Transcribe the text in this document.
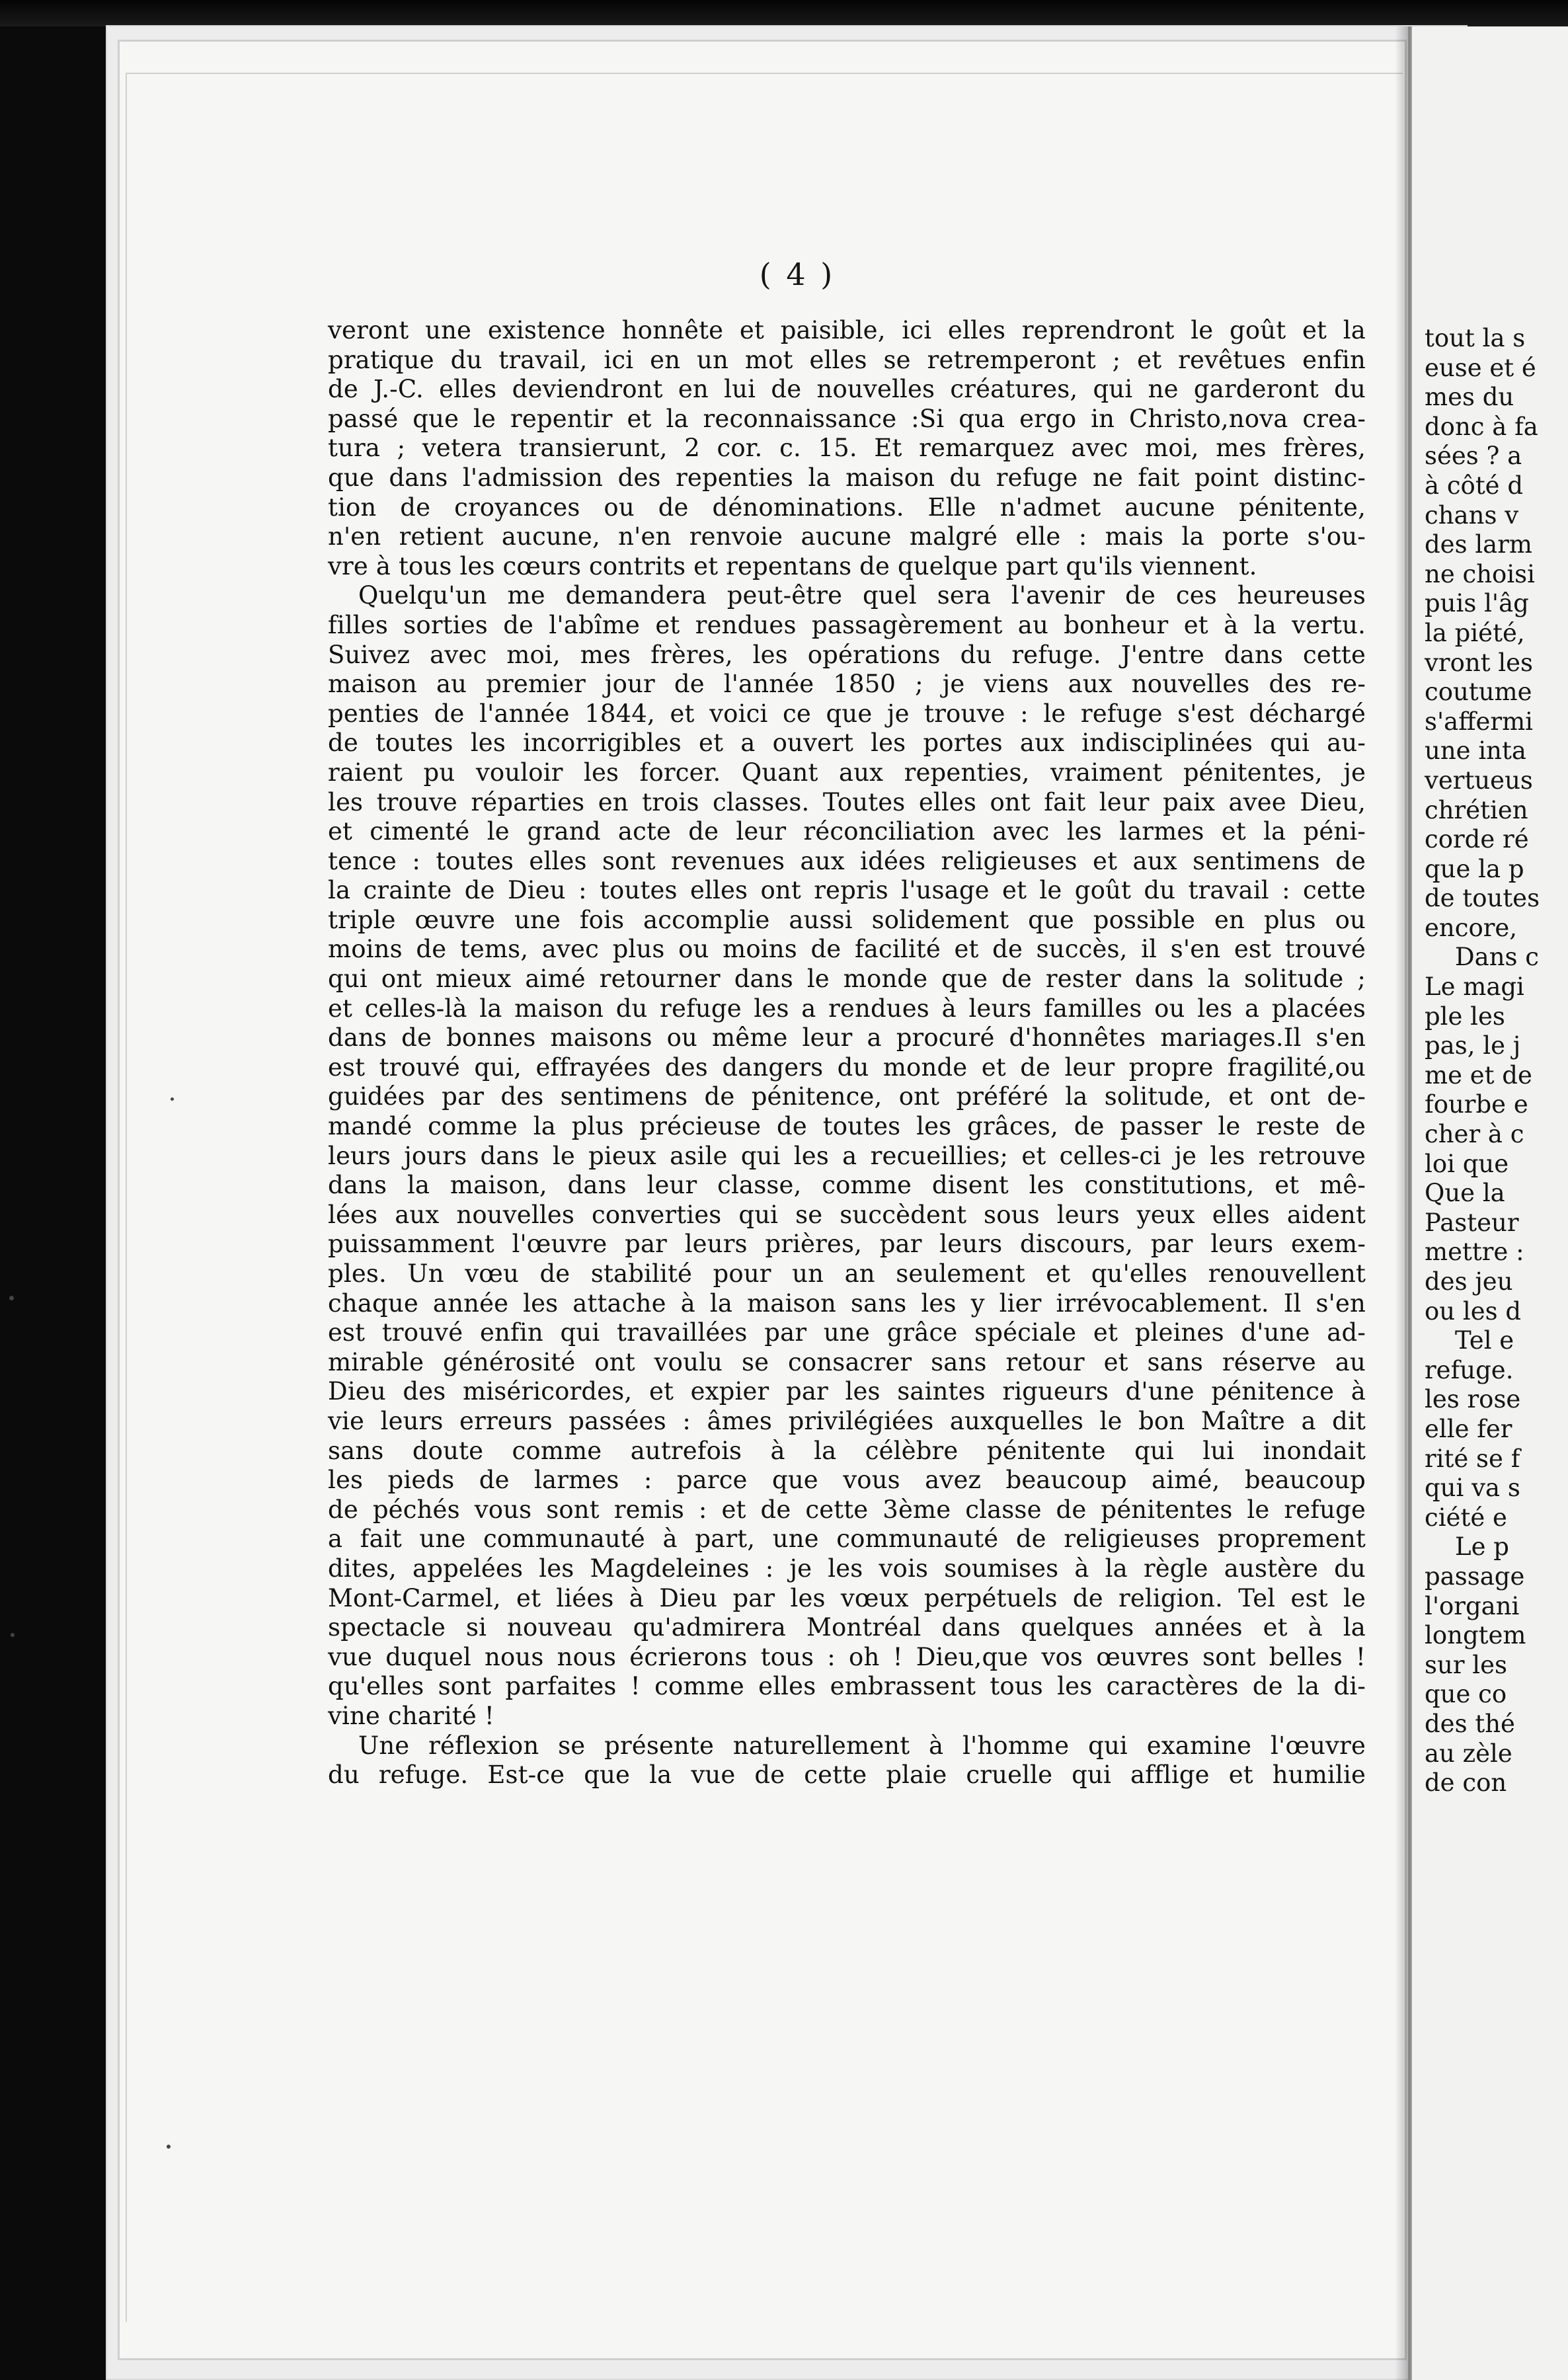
( 4 )
veront une existence honnête et paisible, ici elles reprendront le goût et la
pratique du travail, ici en un mot elles se retremperont ; et revêtues enfin
de J.-C. elles deviendront en lui de nouvelles créatures, qui ne garderont du
passé que le repentir et la reconnaissance :Si qua ergo in Christo,nova crea-
tura ; vetera transierunt, 2 cor. c. 15. Et remarquez avec moi, mes frères,
que dans l'admission des repenties la maison du refuge ne fait point distinc-
tion de croyances ou de dénominations. Elle n'admet aucune pénitente,
n'en retient aucune, n'en renvoie aucune malgré elle : mais la porte s'ou-
vre à tous les cœurs contrits et repentans de quelque part qu'ils viennent.
Quelqu'un me demandera peut-être quel sera l'avenir de ces heureuses
filles sorties de l'abîme et rendues passagèrement au bonheur et à la vertu.
Suivez avec moi, mes frères, les opérations du refuge. J'entre dans cette
maison au premier jour de l'année 1850 ; je viens aux nouvelles des re-
penties de l'année 1844, et voici ce que je trouve : le refuge s'est déchargé
de toutes les incorrigibles et a ouvert les portes aux indisciplinées qui au-
raient pu vouloir les forcer. Quant aux repenties, vraiment pénitentes, je
les trouve réparties en trois classes. Toutes elles ont fait leur paix avee Dieu,
et cimenté le grand acte de leur réconciliation avec les larmes et la péni-
tence : toutes elles sont revenues aux idées religieuses et aux sentimens de
la crainte de Dieu : toutes elles ont repris l'usage et le goût du travail : cette
triple œuvre une fois accomplie aussi solidement que possible en plus ou
moins de tems, avec plus ou moins de facilité et de succès, il s'en est trouvé
qui ont mieux aimé retourner dans le monde que de rester dans la solitude ;
et celles-là la maison du refuge les a rendues à leurs familles ou les a placées
dans de bonnes maisons ou même leur a procuré d'honnêtes mariages.Il s'en
est trouvé qui, effrayées des dangers du monde et de leur propre fragilité,ou
guidées par des sentimens de pénitence, ont préféré la solitude, et ont de-
mandé comme la plus précieuse de toutes les grâces, de passer le reste de
leurs jours dans le pieux asile qui les a recueillies; et celles-ci je les retrouve
dans la maison, dans leur classe, comme disent les constitutions, et mê-
lées aux nouvelles converties qui se succèdent sous leurs yeux elles aident
puissamment l'œuvre par leurs prières, par leurs discours, par leurs exem-
ples. Un vœu de stabilité pour un an seulement et qu'elles renouvellent
chaque année les attache à la maison sans les y lier irrévocablement. Il s'en
est trouvé enfin qui travaillées par une grâce spéciale et pleines d'une ad-
mirable générosité ont voulu se consacrer sans retour et sans réserve au
Dieu des miséricordes, et expier par les saintes rigueurs d'une pénitence à
vie leurs erreurs passées : âmes privilégiées auxquelles le bon Maître a dit
sans doute comme autrefois à la célèbre pénitente qui lui inondait
les pieds de larmes : parce que vous avez beaucoup aimé, beaucoup
de péchés vous sont remis : et de cette 3ème classe de pénitentes le refuge
a fait une communauté à part, une communauté de religieuses proprement
dites, appelées les Magdeleines : je les vois soumises à la règle austère du
Mont-Carmel, et liées à Dieu par les vœux perpétuels de religion. Tel est le
spectacle si nouveau qu'admirera Montréal dans quelques années et à la
vue duquel nous nous écrierons tous : oh ! Dieu,que vos œuvres sont belles !
qu'elles sont parfaites ! comme elles embrassent tous les caractères de la di-
vine charité !
Une réflexion se présente naturellement à l'homme qui examine l'œuvre
du refuge. Est-ce que la vue de cette plaie cruelle qui afflige et humilie
tout la s
euse et é
mes du
donc à fa
sées ? a
à côté d
chans v
des larm
ne choisi
puis l'âg
la piété,
vront les
coutume
s'affermi
une inta
vertueus
chrétien
corde ré
que la p
de toutes
encore,
Dans c
Le magi
ple les
pas, le j
me et de
fourbe e
cher à c
loi que
Que la
Pasteur
mettre :
des jeu
ou les d
Tel e
refuge.
les rose
elle fer
rité se f
qui va s
ciété e
Le p
passage
l'organi
longtem
sur les
que co
des thé
au zèle
de con
